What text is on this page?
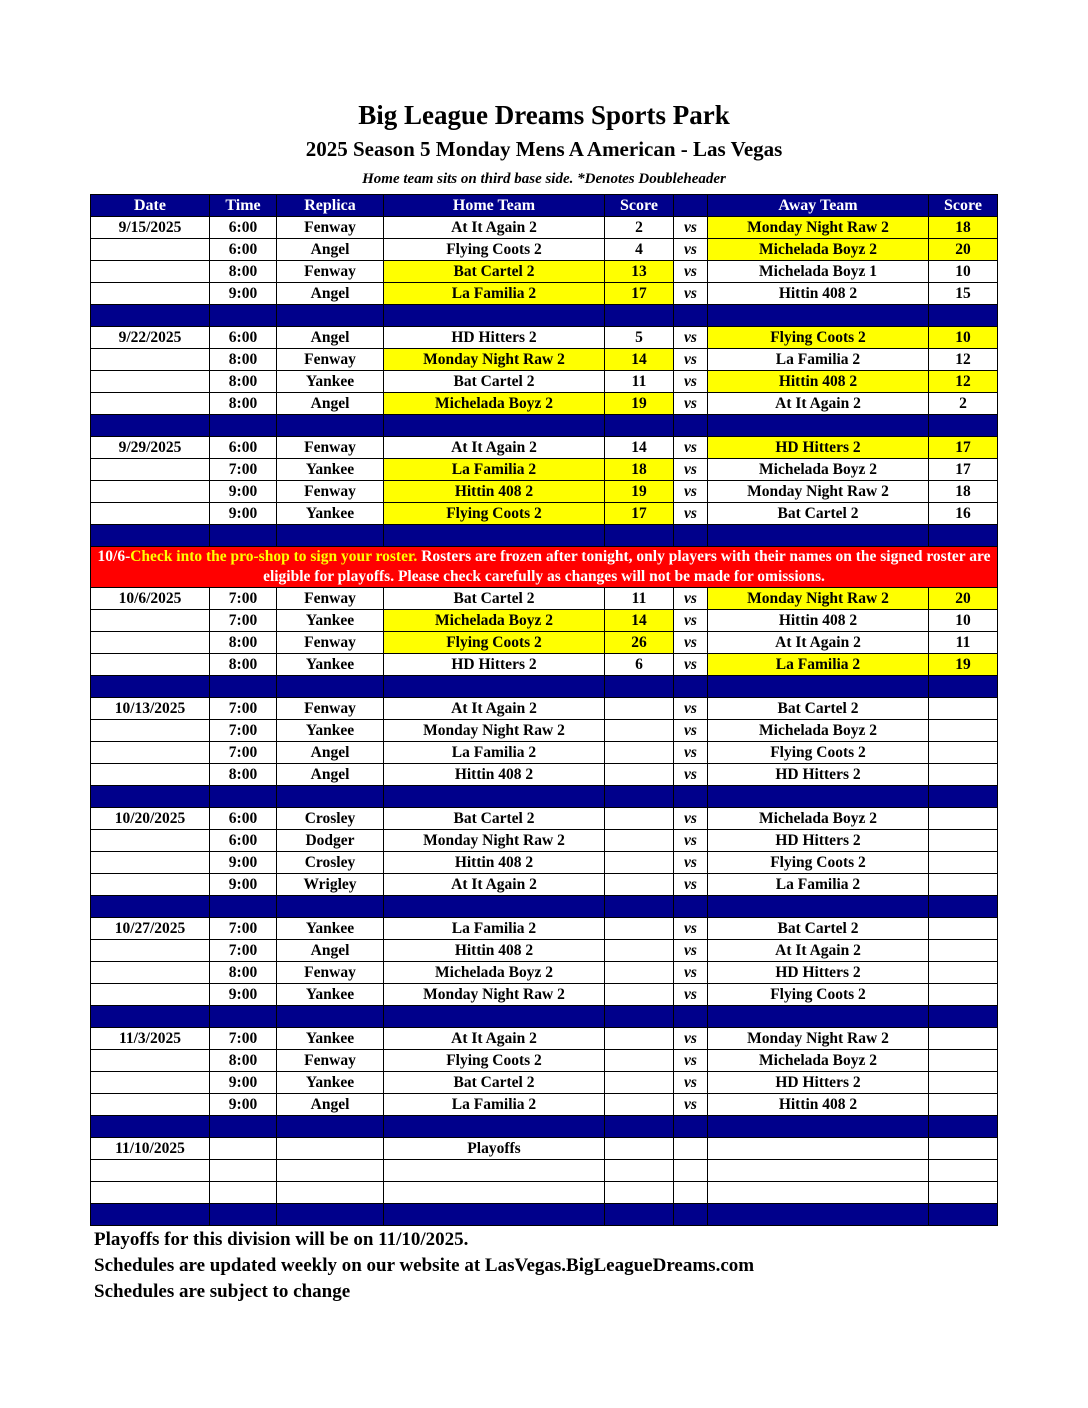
Big League Dreams Sports Park
2025 Season 5 Monday Mens A American - Las Vegas
Home team sits on third base side. *Denotes Doubleheader
Date	Time	Replica	Home Team	Score		Away Team	Score
9/15/2025	6:00	Fenway	At It Again 2	2	vs	Monday Night Raw 2	18
	6:00	Angel	Flying Coots 2	4	vs	Michelada Boyz 2	20
	8:00	Fenway	Bat Cartel 2	13	vs	Michelada Boyz 1	10
	9:00	Angel	La Familia 2	17	vs	Hittin 408 2	15

9/22/2025	6:00	Angel	HD Hitters 2	5	vs	Flying Coots 2	10
	8:00	Fenway	Monday Night Raw 2	14	vs	La Familia 2	12
	8:00	Yankee	Bat Cartel 2	11	vs	Hittin 408 2	12
	8:00	Angel	Michelada Boyz 2	19	vs	At It Again 2	2

9/29/2025	6:00	Fenway	At It Again 2	14	vs	HD Hitters 2	17
	7:00	Yankee	La Familia 2	18	vs	Michelada Boyz 2	17
	9:00	Fenway	Hittin 408 2	19	vs	Monday Night Raw 2	18
	9:00	Yankee	Flying Coots 2	17	vs	Bat Cartel 2	16

10/6-Check into the pro-shop to sign your roster. Rosters are frozen after tonight, only players with their names on the signed roster are eligible for playoffs. Please check carefully as changes will not be made for omissions.							
10/6/2025	7:00	Fenway	Bat Cartel 2	11	vs	Monday Night Raw 2	20
	7:00	Yankee	Michelada Boyz 2	14	vs	Hittin 408 2	10
	8:00	Fenway	Flying Coots 2	26	vs	At It Again 2	11
	8:00	Yankee	HD Hitters 2	6	vs	La Familia 2	19

10/13/2025	7:00	Fenway	At It Again 2		vs	Bat Cartel 2	
	7:00	Yankee	Monday Night Raw 2		vs	Michelada Boyz 2	
	7:00	Angel	La Familia 2		vs	Flying Coots 2	
	8:00	Angel	Hittin 408 2		vs	HD Hitters 2	

10/20/2025	6:00	Crosley	Bat Cartel 2		vs	Michelada Boyz 2	
	6:00	Dodger	Monday Night Raw 2		vs	HD Hitters 2	
	9:00	Crosley	Hittin 408 2		vs	Flying Coots 2	
	9:00	Wrigley	At It Again 2		vs	La Familia 2	

10/27/2025	7:00	Yankee	La Familia 2		vs	Bat Cartel 2	
	7:00	Angel	Hittin 408 2		vs	At It Again 2	
	8:00	Fenway	Michelada Boyz 2		vs	HD Hitters 2	
	9:00	Yankee	Monday Night Raw 2		vs	Flying Coots 2	

11/3/2025	7:00	Yankee	At It Again 2		vs	Monday Night Raw 2	
	8:00	Fenway	Flying Coots 2		vs	Michelada Boyz 2	
	9:00	Yankee	Bat Cartel 2		vs	HD Hitters 2	
	9:00	Angel	La Familia 2		vs	Hittin 408 2	

11/10/2025			Playoffs				

Playoffs for this division will be on 11/10/2025.
Schedules are updated weekly on our website at LasVegas.BigLeagueDreams.com
Schedules are subject to change
